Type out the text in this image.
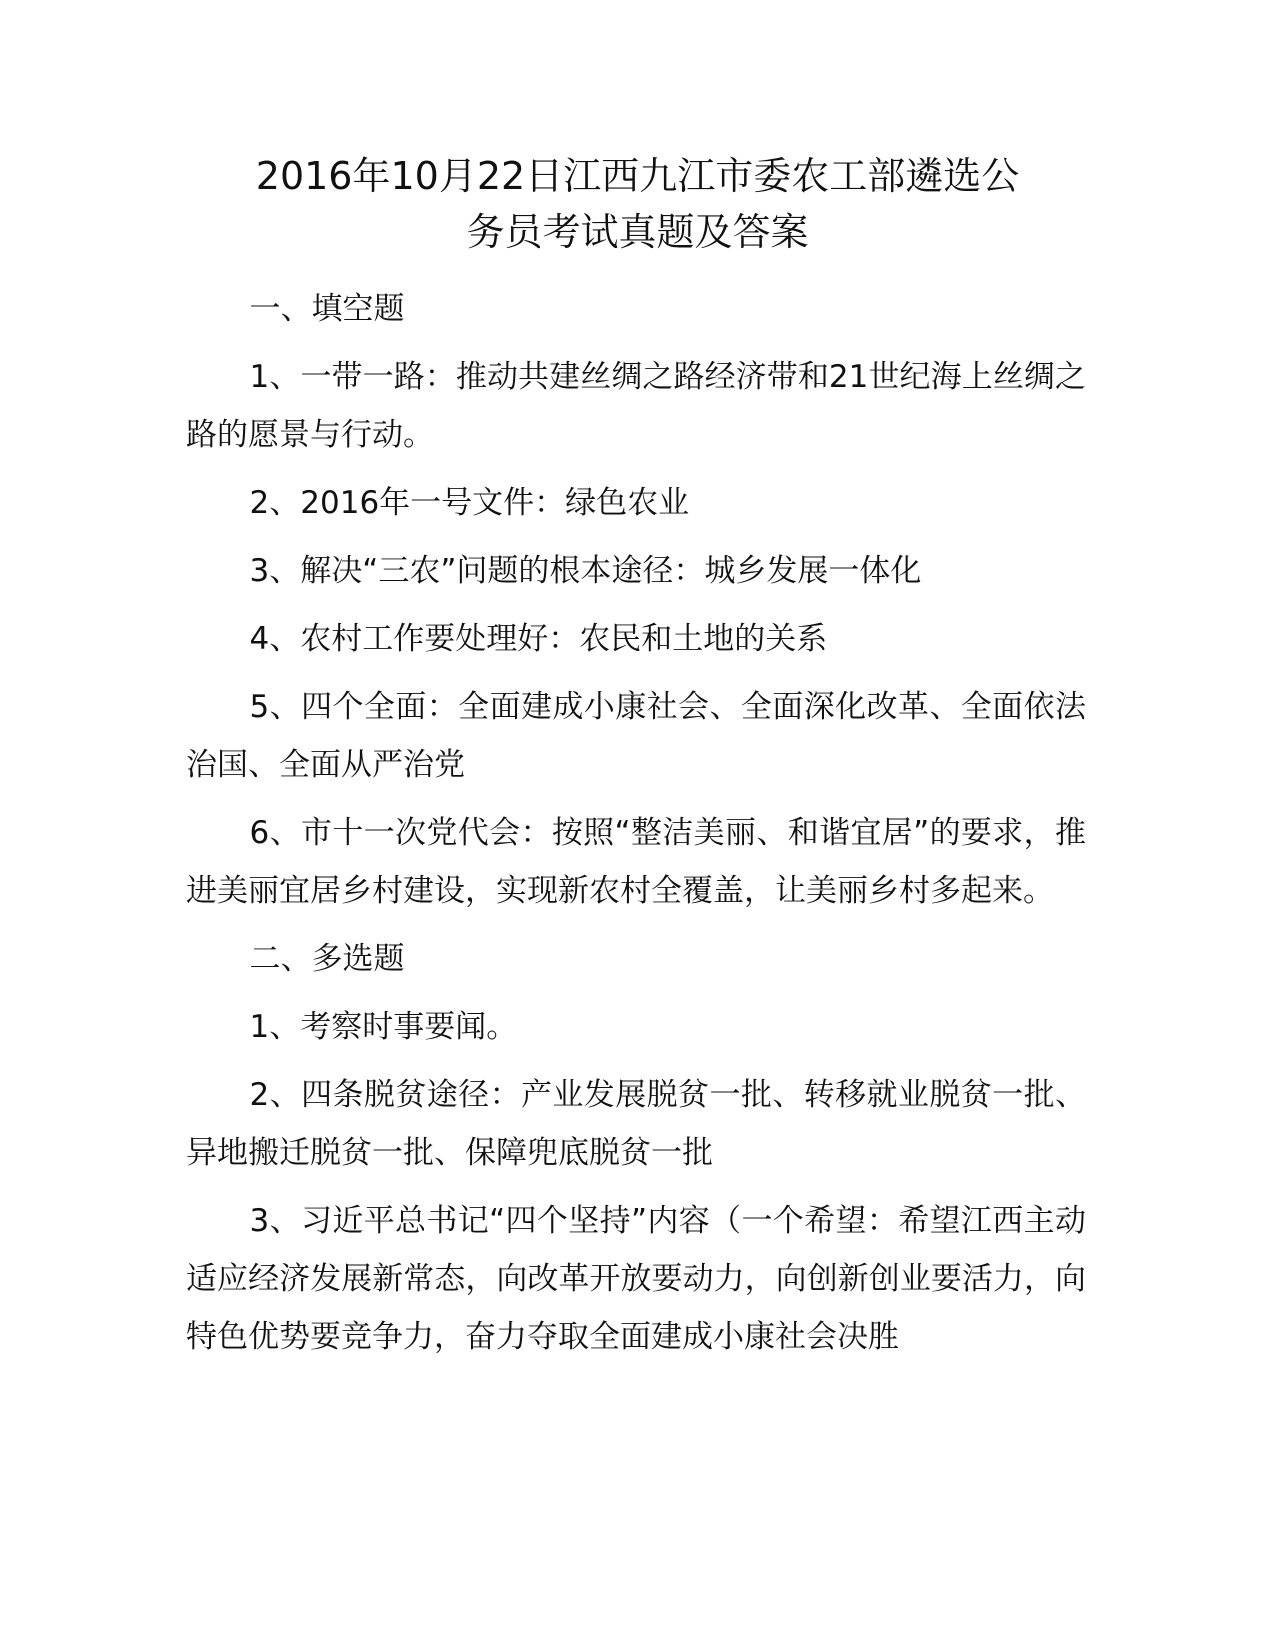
2016年10月22日江西九江市委农工部遴选公
务员考试真题及答案

一、填空题

1、一带一路：推动共建丝绸之路经济带和21世纪海上丝绸之路的愿景与行动。

2、2016年一号文件：绿色农业

3、解决“三农”问题的根本途径：城乡发展一体化

4、农村工作要处理好：农民和土地的关系

5、四个全面：全面建成小康社会、全面深化改革、全面依法治国、全面从严治党

6、市十一次党代会：按照“整洁美丽、和谐宜居”的要求，推进美丽宜居乡村建设，实现新农村全覆盖，让美丽乡村多起来。

二、多选题

1、考察时事要闻。

2、四条脱贫途径：产业发展脱贫一批、转移就业脱贫一批、异地搬迁脱贫一批、保障兜底脱贫一批

3、习近平总书记“四个坚持”内容（一个希望：希望江西主动适应经济发展新常态，向改革开放要动力，向创新创业要活力，向特色优势要竞争力，奋力夺取全面建成小康社会决胜
